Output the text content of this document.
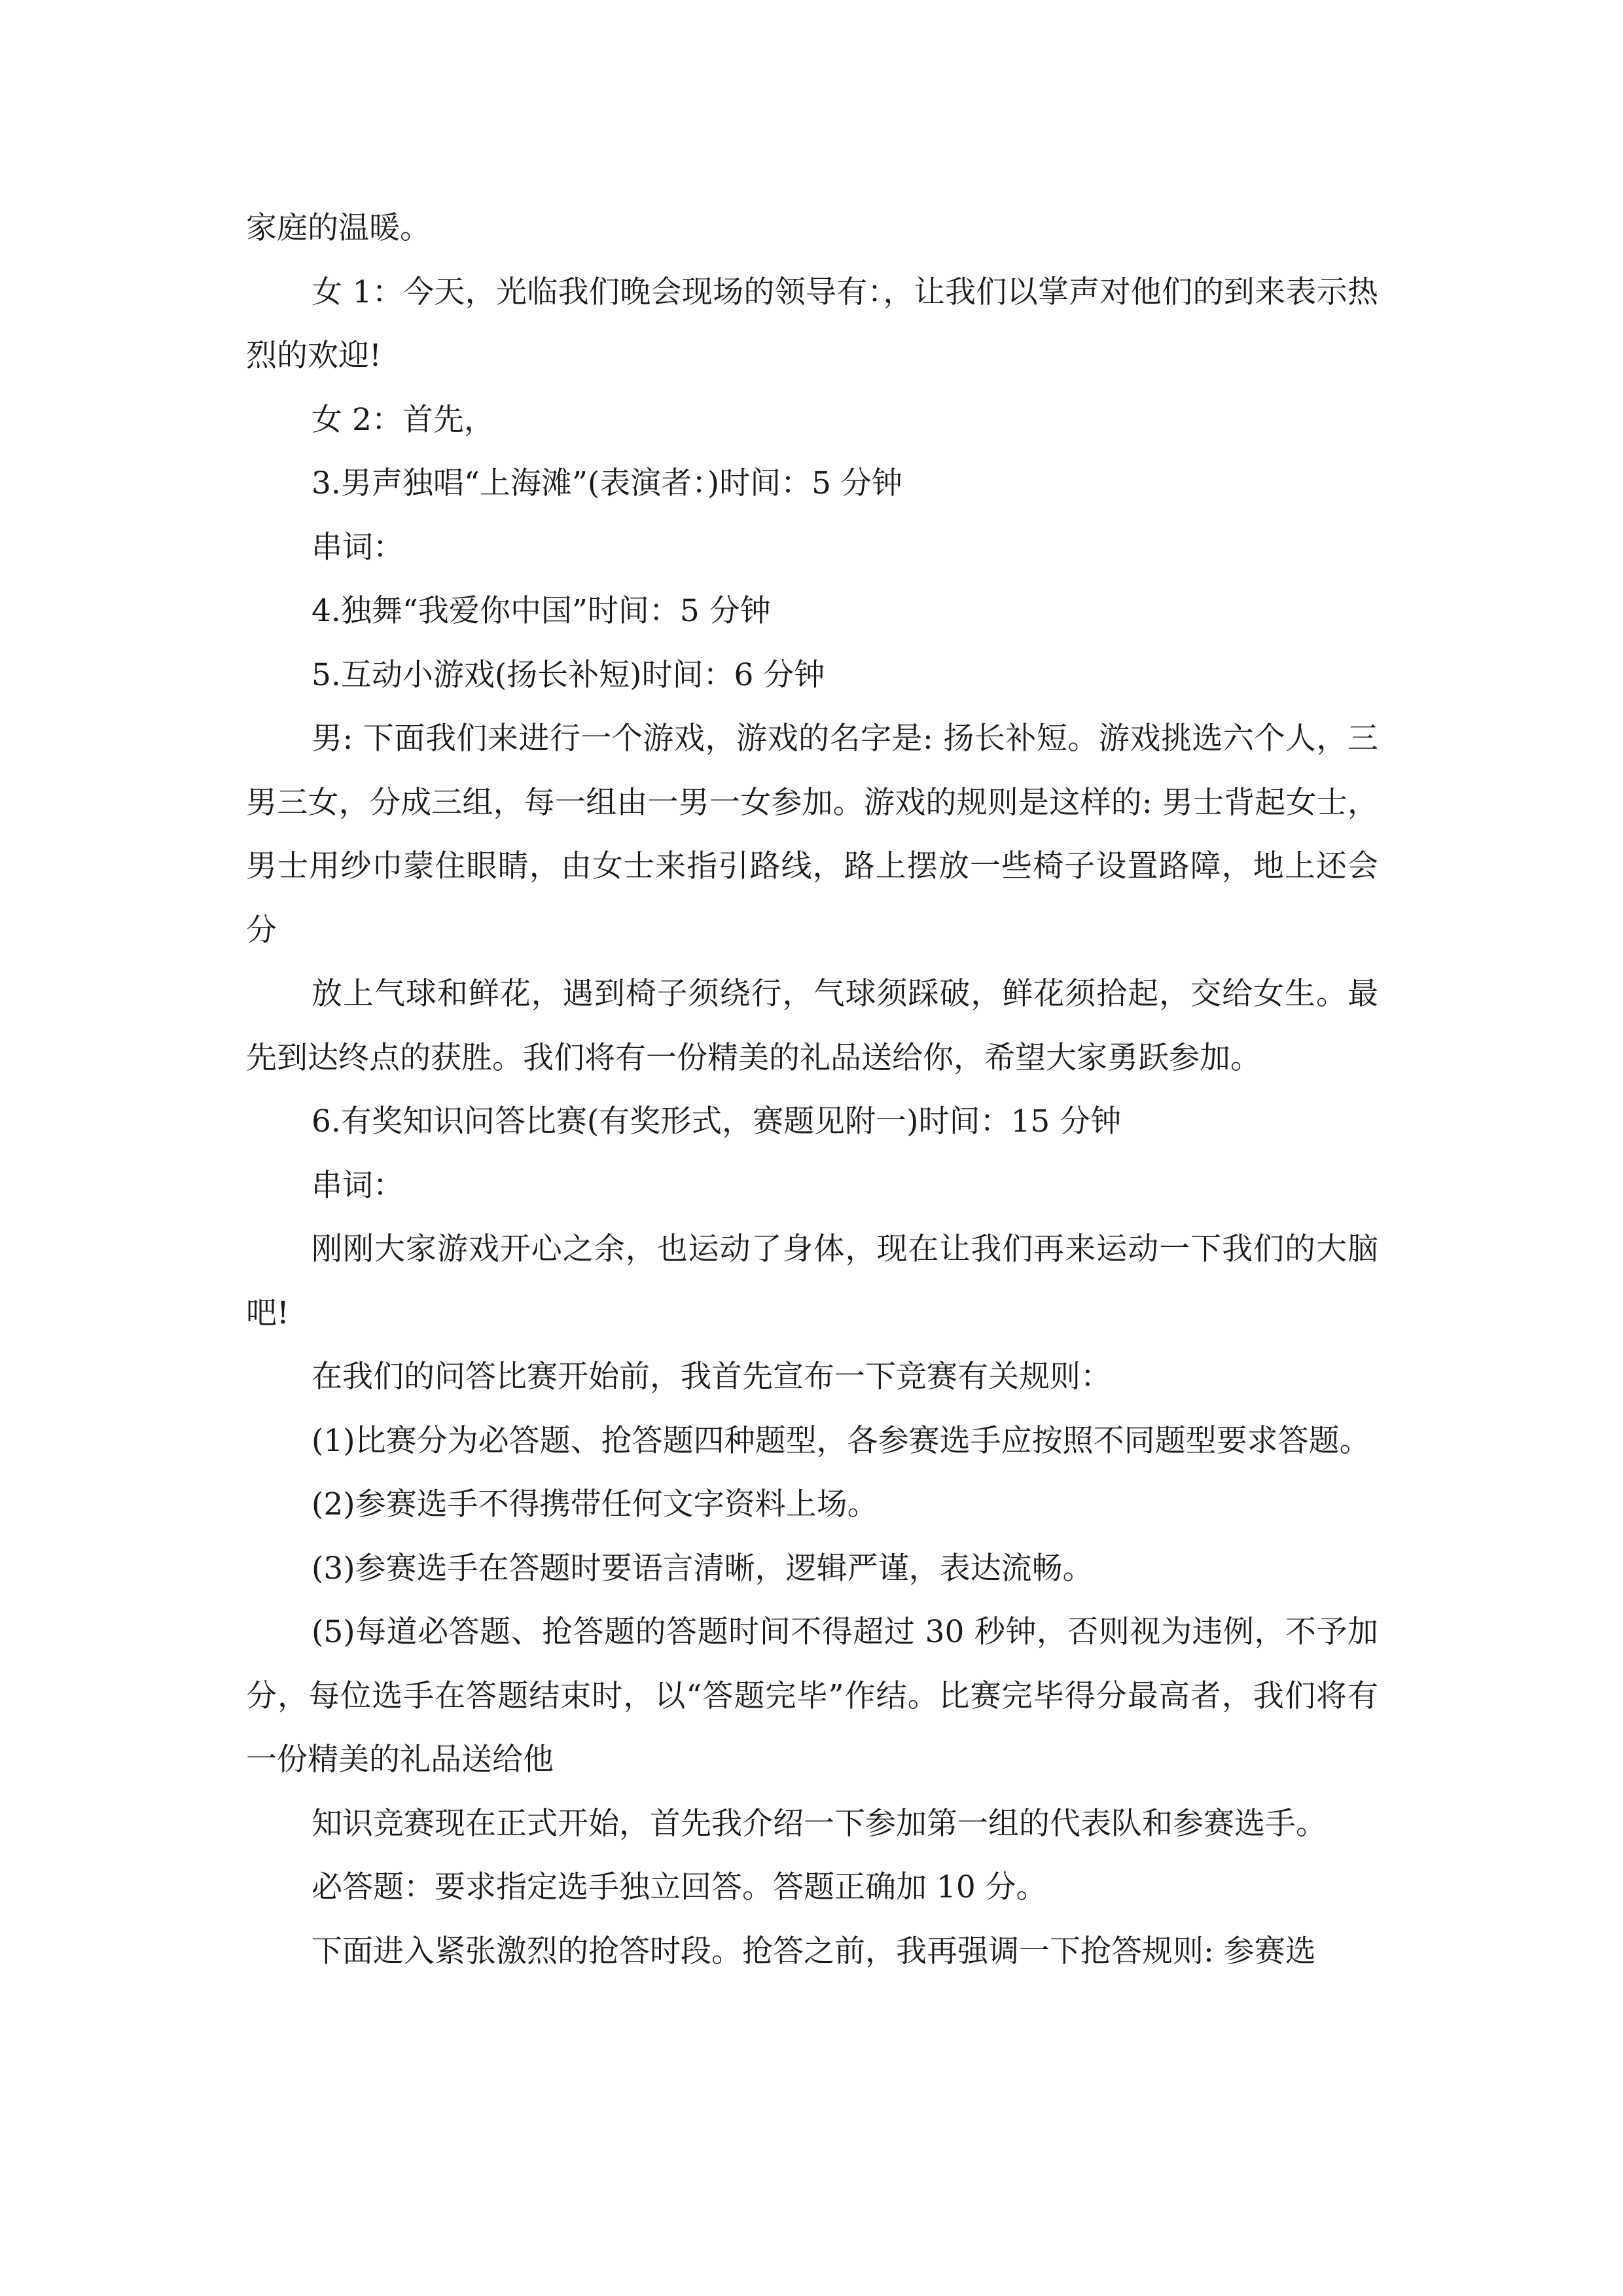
家庭的温暖。

女 1：今天，光临我们晚会现场的领导有：，让我们以掌声对他们的到来表示热烈的欢迎!

女 2：首先，

3.男声独唱“上海滩”(表演者：)时间：5 分钟

串词：

4.独舞“我爱你中国”时间：5 分钟

5.互动小游戏(扬长补短)时间：6 分钟

男: 下面我们来进行一个游戏，游戏的名字是: 扬长补短。游戏挑选六个人，三男三女，分成三组，每一组由一男一女参加。游戏的规则是这样的: 男士背起女士，男士用纱巾蒙住眼睛，由女士来指引路线，路上摆放一些椅子设置路障，地上还会分

放上气球和鲜花，遇到椅子须绕行，气球须踩破，鲜花须拾起，交给女生。最先到达终点的获胜。我们将有一份精美的礼品送给你，希望大家勇跃参加。

6.有奖知识问答比赛(有奖形式，赛题见附一)时间：15 分钟

串词：

刚刚大家游戏开心之余，也运动了身体，现在让我们再来运动一下我们的大脑吧!

在我们的问答比赛开始前，我首先宣布一下竞赛有关规则：

(1)比赛分为必答题、抢答题四种题型，各参赛选手应按照不同题型要求答题。

(2)参赛选手不得携带任何文字资料上场。

(3)参赛选手在答题时要语言清晰，逻辑严谨，表达流畅。

(5)每道必答题、抢答题的答题时间不得超过 30 秒钟，否则视为违例，不予加分，每位选手在答题结束时，以“答题完毕”作结。比赛完毕得分最高者，我们将有一份精美的礼品送给他

知识竞赛现在正式开始，首先我介绍一下参加第一组的代表队和参赛选手。

必答题：要求指定选手独立回答。答题正确加 10 分。

下面进入紧张激烈的抢答时段。抢答之前，我再强调一下抢答规则: 参赛选
